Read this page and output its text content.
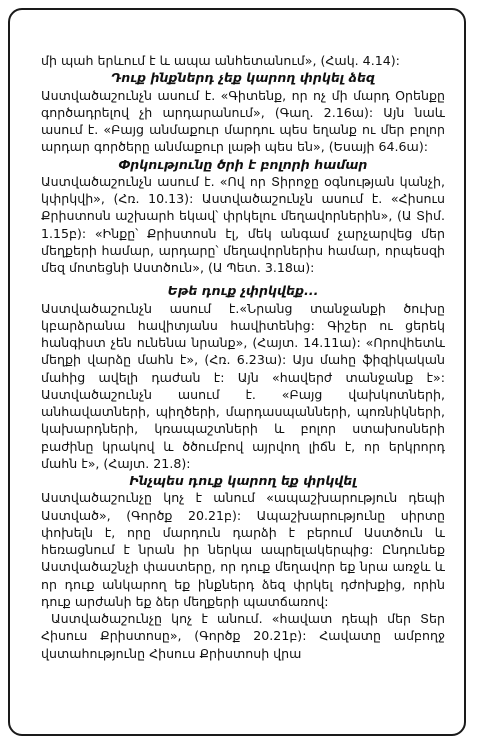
մի պահ երևում է և ապա անհետանում», (Հակ. 4.14):

Դուք ինքներդ չեք կարող փրկել ձեզ

Աստվածաշունչն ասում է. «Գիտենք, որ ոչ մի մարդ Օրենքը գործադրելով չի արդարանում», (Գաղ. 2.16ա): Այն նաև ասում է. «Բայց անմաքուր մարդու պես եղանք ու մեր բոլոր արդար գործերը անմաքուր լաթի պես են», (Եսայի 64.6ա):

Փրկությունը ծրի է բոլորի համար

Աստվածաշունչն ասում է. «Ով որ Տիրոջը օգնության կանչի, կփրկվի», (Հռ. 10.13): Աստվածաշունչն ասում է. «Հիսուս Քրիստոսն աշխարհ եկավ՝ փրկելու մեղավորներին», (Ա Տիմ. 1.15բ): «Ինքը՝ Քրիստոսն էլ, մեկ անգամ չարչարվեց մեր մեղքերի համար, արդարը՝ մեղավորներիս համար, որպեսզի մեզ մոտեցնի Աստծուն», (Ա Պետ. 3.18ա):

Եթե դուք չփրկվեք...

Աստվածաշունչն ասում է.«Նրանց տանջանքի ծուխը կբարձրանա հավիտյանս հավիտենից: Գիշեր ու ցերեկ հանգիստ չեն ունենա նրանք», (Հայտ. 14.11ա): «Որովհետև մեղքի վարձը մահն է», (Հռ. 6.23ա): Այս մահը ֆիզիկական մահից ավելի դաժան է: Այն «հավերժ տանջանք է»: Աստվածաշունչն ասում է. «Բայց վախկոտների, անհավատների, պիղծերի, մարդասպանների, պոռնիկների, կախարդների, կռապաշտների և բոլոր ստախոսների բաժինը կրակով և ծծումբով այրվող լիճն է, որ երկրորդ մահն է», (Հայտ. 21.8):

Ինչպես դուք կարող եք փրկվել

Աստվածաշունչը կոչ է անում «ապաշխարություն դեպի Աստված», (Գործք 20.21բ): Ապաշխարությունը սիրտը փոխելն է, որը մարդուն դարձի է բերում Աստծուն և հեռացնում է նրան իր ներկա ապրելակերպից: Ընդունեք Աստվածաշնչի փաստերը, որ դուք մեղավոր եք նրա առջև և որ դուք անկարող եք ինքներդ ձեզ փրկել դժոխքից, որին դուք արժանի եք ձեր մեղքերի պատճառով:

Աստվածաշունչը կոչ է անում. «հավատ դեպի մեր Տեր Հիսուս Քրիստոսը», (Գործք 20.21բ): Հավատը ամբողջ վստահությունը Հիսուս Քրիստոսի վրա
